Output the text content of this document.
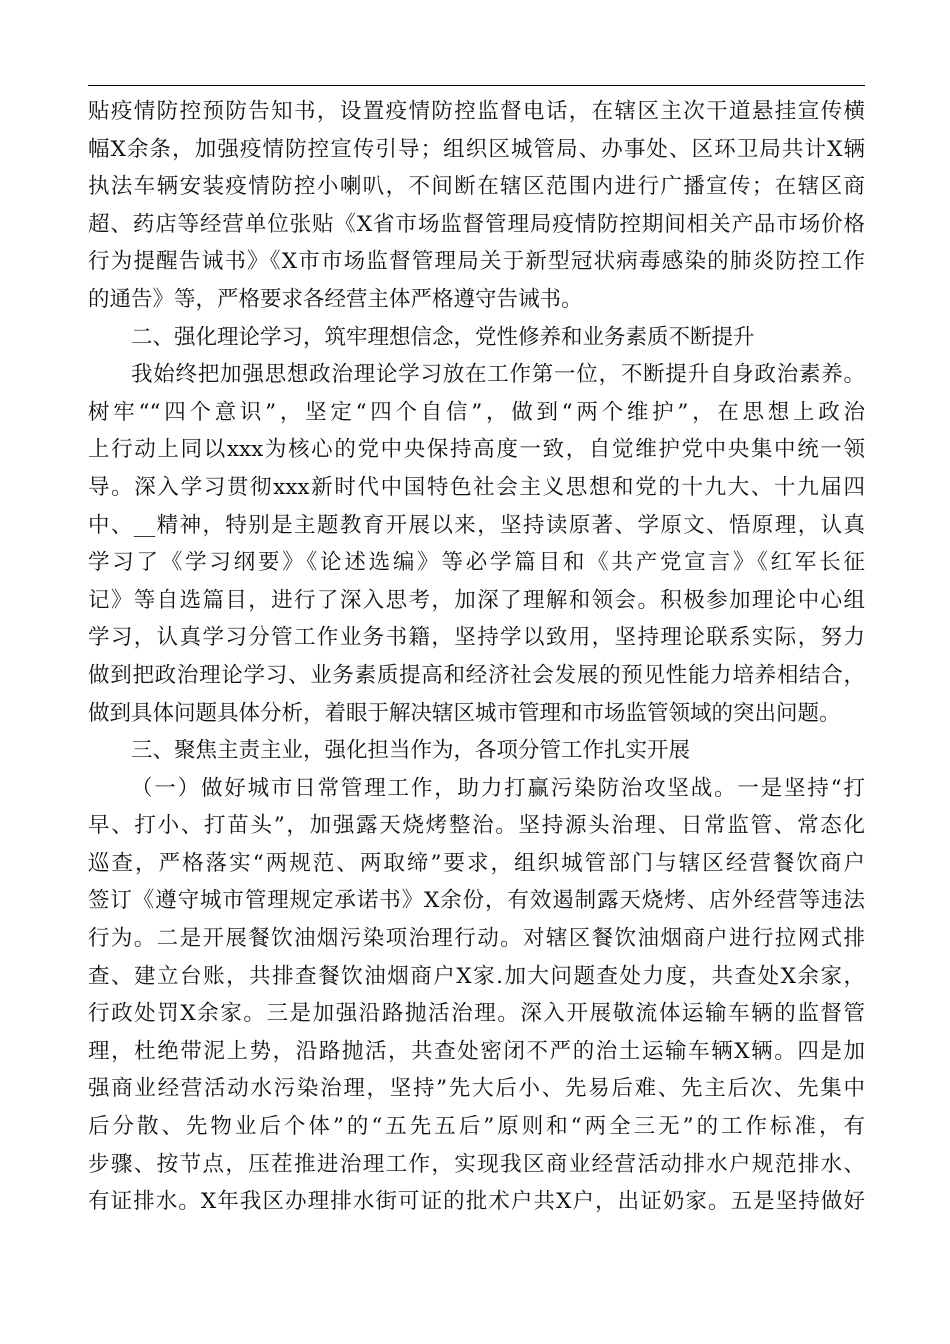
贴疫情防控预防告知书，设置疫情防控监督电话，在辖区主次干道悬挂宣传横
幅X余条，加强疫情防控宣传引导；组织区城管局、办事处、区环卫局共计X辆
执法车辆安装疫情防控小喇叭，不间断在辖区范围内进行广播宣传；在辖区商
超、药店等经营单位张贴《X省市场监督管理局疫情防控期间相关产品市场价格
行为提醒告诫书》《X市市场监督管理局关于新型冠状病毒感染的肺炎防控工作
的通告》等，严格要求各经营主体严格遵守告诫书。
二、强化理论学习，筑牢理想信念，党性修养和业务素质不断提升
我始终把加强思想政治理论学习放在工作第一位，不断提升自身政治素养。
树牢““四个意识”，坚定“四个自信”，做到“两个维护”，在思想上政治
上行动上同以xxx为核心的党中央保持高度一致，自觉维护党中央集中统一领
导。深入学习贯彻xxx新时代中国特色社会主义思想和党的十九大、十九届四
中、__精神，特别是主题教育开展以来，坚持读原著、学原文、悟原理，认真
学习了《学习纲要》《论述选编》等必学篇目和《共产党宣言》《红军长征
记》等自选篇目，进行了深入思考，加深了理解和领会。积极参加理论中心组
学习，认真学习分管工作业务书籍，坚持学以致用，坚持理论联系实际，努力
做到把政治理论学习、业务素质提高和经济社会发展的预见性能力培养相结合，
做到具体问题具体分析，着眼于解决辖区城市管理和市场监管领域的突出问题。
三、聚焦主责主业，强化担当作为，各项分管工作扎实开展
（一）做好城市日常管理工作，助力打赢污染防治攻坚战。一是坚持“打
早、打小、打苗头”，加强露天烧烤整治。坚持源头治理、日常监管、常态化
巡查，严格落实“两规范、两取缔”要求，组织城管部门与辖区经营餐饮商户
签订《遵守城市管理规定承诺书》X余份，有效遏制露天烧烤、店外经营等违法
行为。二是开展餐饮油烟污染项治理行动。对辖区餐饮油烟商户进行拉网式排
查、建立台账，共排查餐饮油烟商户X家.加大问题查处力度，共查处X余家，
行政处罚X余家。三是加强沿路抛活治理。深入开展敬流体运输车辆的监督管
理，杜绝带泥上势，沿路抛活，共查处密闭不严的治土运输车辆X辆。四是加
强商业经营活动水污染治理，坚持”先大后小、先易后难、先主后次、先集中
后分散、先物业后个体”的“五先五后”原则和“两全三无”的工作标准，有
步骤、按节点，压茬推进治理工作，实现我区商业经营活动排水户规范排水、
有证排水。X年我区办理排水街可证的批术户共X户，出证奶家。五是坚持做好
